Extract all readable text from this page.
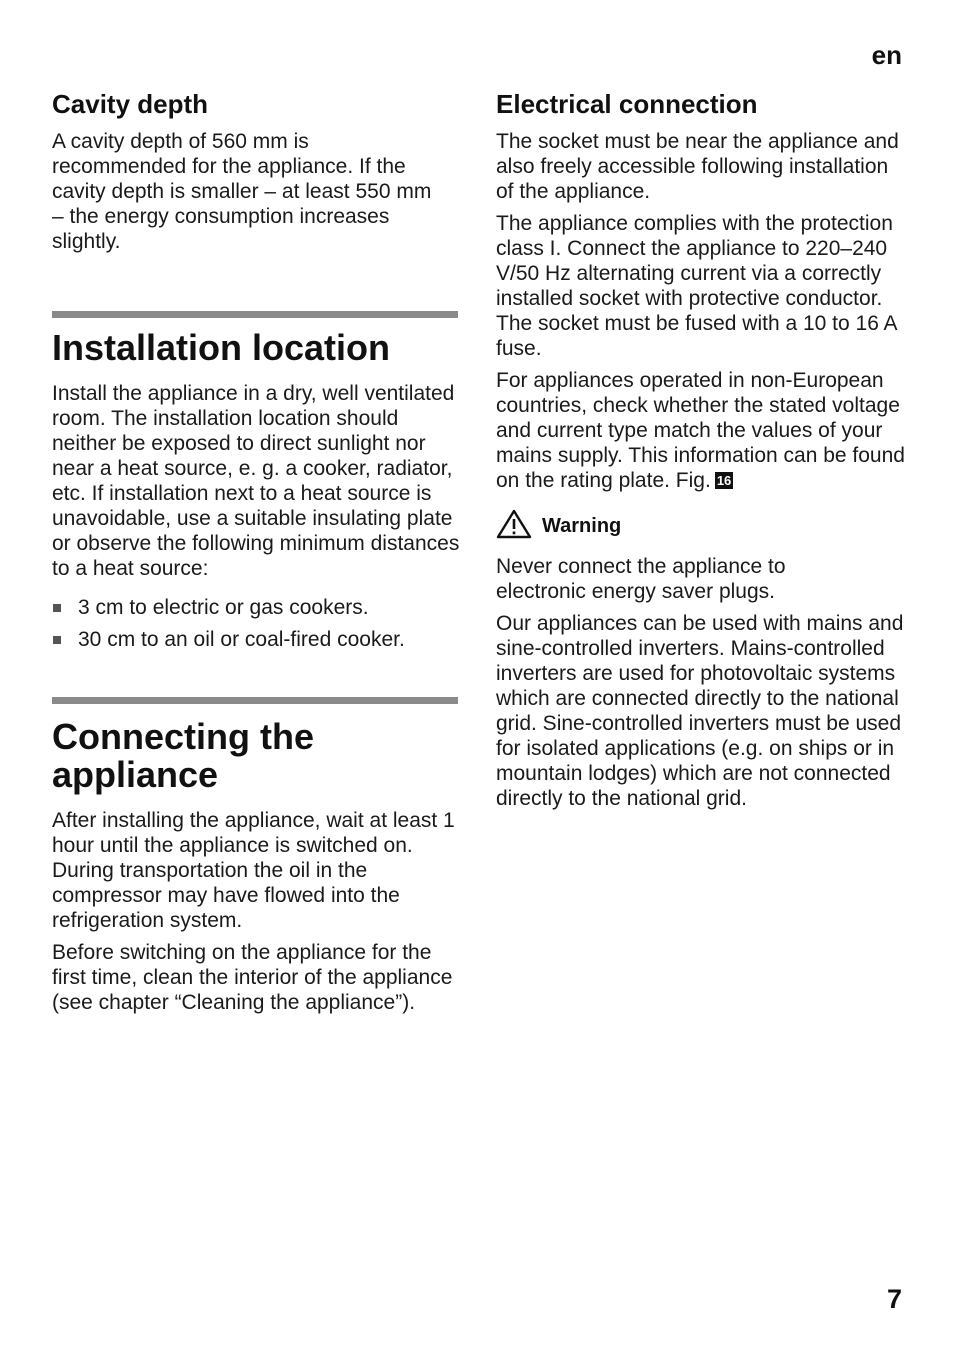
en
Cavity depth

A cavity depth of 560 mm is recommended for the appliance. If the cavity depth is smaller – at least 550 mm – the energy consumption increases slightly.

Installation location

Install the appliance in a dry, well ventilated room. The installation location should neither be exposed to direct sunlight nor near a heat source, e. g. a cooker, radiator, etc. If installation next to a heat source is unavoidable, use a suitable insulating plate or observe the following minimum distances to a heat source:

3 cm to electric or gas cookers.
30 cm to an oil or coal-fired cooker.
Connecting the
appliance

After installing the appliance, wait at least 1 hour until the appliance is switched on. During transportation the oil in the compressor may have flowed into the refrigeration system.

Before switching on the appliance for the first time, clean the interior of the appliance (see chapter “Cleaning the appliance”).

Electrical connection

The socket must be near the appliance and also freely accessible following installation of the appliance.

The appliance complies with the protection class I. Connect the appliance to 220–240 V/50 Hz alternating current via a correctly installed socket with protective conductor. The socket must be fused with a 10 to 16 A fuse.

For appliances operated in non-European countries, check whether the stated voltage and current type match the values of your mains supply. This information can be found on the rating plate. Fig. 16

Warning

Never connect the appliance to electronic energy saver plugs.

Our appliances can be used with mains and sine-controlled inverters. Mains-controlled inverters are used for photovoltaic systems which are connected directly to the national grid. Sine-controlled inverters must be used for isolated applications (e.g. on ships or in mountain lodges) which are not connected directly to the national grid.

7
